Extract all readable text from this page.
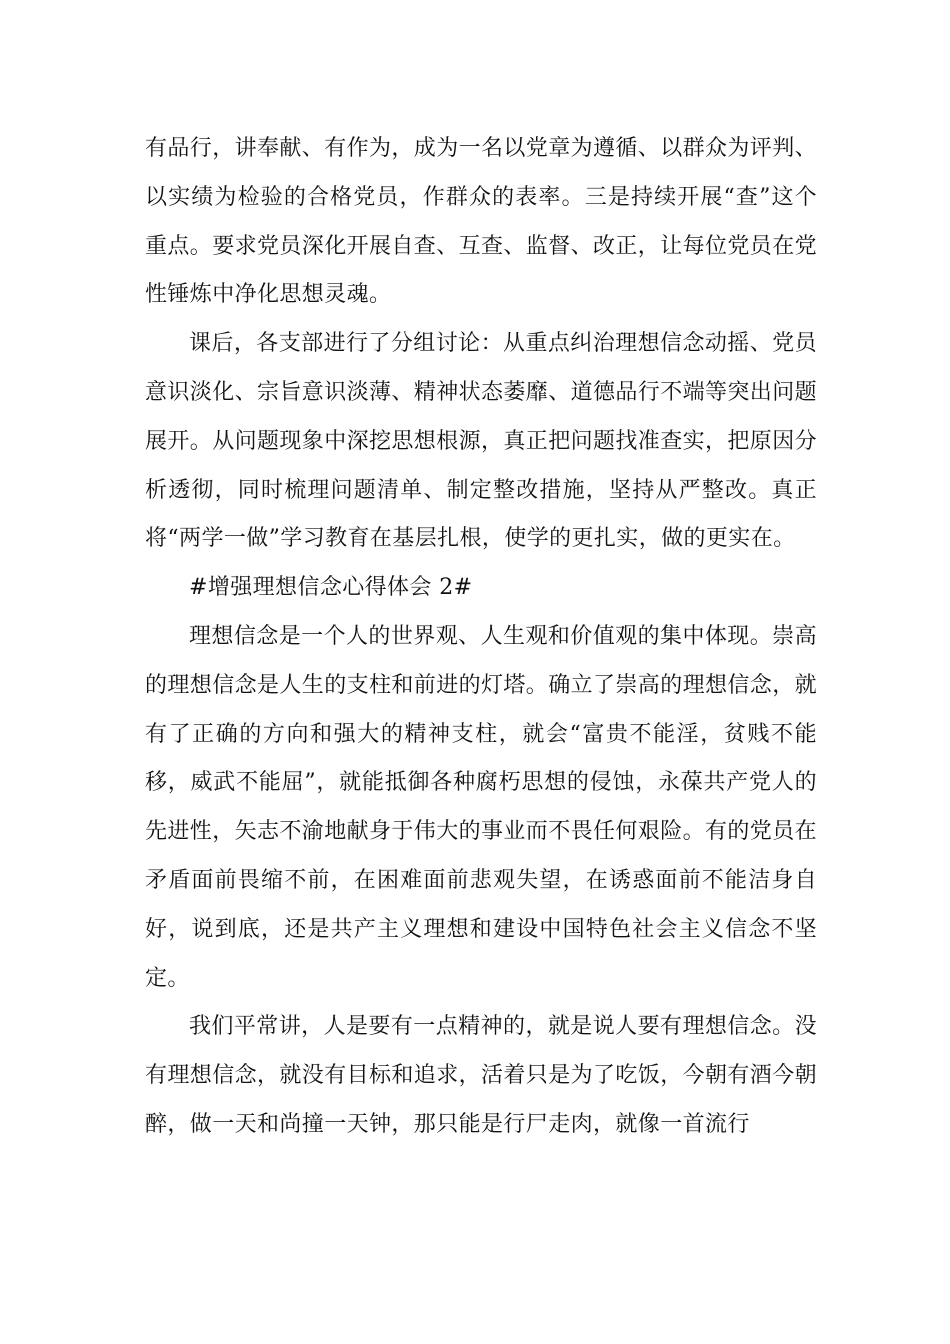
有品行，讲奉献、有作为，成为一名以党章为遵循、以群众为评判、以实绩为检验的合格党员，作群众的表率。三是持续开展“查”这个重点。要求党员深化开展自查、互查、监督、改正，让每位党员在党性锤炼中净化思想灵魂。

课后，各支部进行了分组讨论：从重点纠治理想信念动摇、党员意识淡化、宗旨意识淡薄、精神状态萎靡、道德品行不端等突出问题展开。从问题现象中深挖思想根源，真正把问题找准查实，把原因分析透彻，同时梳理问题清单、制定整改措施，坚持从严整改。真正将“两学一做”学习教育在基层扎根，使学的更扎实，做的更实在。

#增强理想信念心得体会 2#

理想信念是一个人的世界观、人生观和价值观的集中体现。崇高的理想信念是人生的支柱和前进的灯塔。确立了崇高的理想信念，就有了正确的方向和强大的精神支柱，就会“富贵不能淫，贫贱不能移，威武不能屈”，就能抵御各种腐朽思想的侵蚀，永葆共产党人的先进性，矢志不渝地献身于伟大的事业而不畏任何艰险。有的党员在矛盾面前畏缩不前，在困难面前悲观失望，在诱惑面前不能洁身自好，说到底，还是共产主义理想和建设中国特色社会主义信念不坚定。

我们平常讲，人是要有一点精神的，就是说人要有理想信念。没有理想信念，就没有目标和追求，活着只是为了吃饭，今朝有酒今朝醉，做一天和尚撞一天钟，那只能是行尸走肉，就像一首流行
